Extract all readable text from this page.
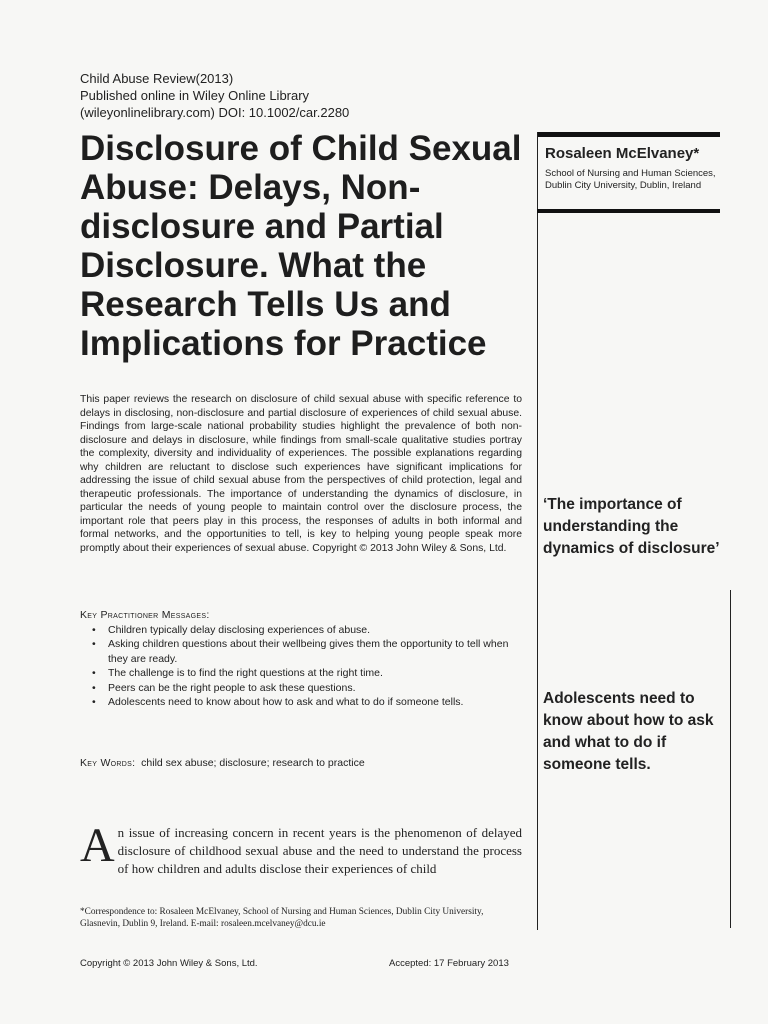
Child Abuse Review(2013)
Published online in Wiley Online Library
(wileyonlinelibrary.com) DOI: 10.1002/car.2280
Disclosure of Child Sexual Abuse: Delays, Non-disclosure and Partial Disclosure. What the Research Tells Us and Implications for Practice

Rosaleen McElvaney*

School of Nursing and Human Sciences, Dublin City University, Dublin, Ireland

This paper reviews the research on disclosure of child sexual abuse with specific reference to delays in disclosing, non-disclosure and partial disclosure of experiences of child sexual abuse. Findings from large-scale national probability studies highlight the prevalence of both non-disclosure and delays in disclosure, while findings from small-scale qualitative studies portray the complexity, diversity and individuality of experiences. The possible explanations regarding why children are reluctant to disclose such experiences have significant implications for addressing the issue of child sexual abuse from the perspectives of child protection, legal and therapeutic professionals. The importance of understanding the dynamics of disclosure, in particular the needs of young people to maintain control over the disclosure process, the important role that peers play in this process, the responses of adults in both informal and formal networks, and the opportunities to tell, is key to helping young people speak more promptly about their experiences of sexual abuse. Copyright © 2013 John Wiley & Sons, Ltd.

‘The importance of understanding the dynamics of disclosure’

Adolescents need to know about how to ask and what to do if someone tells.

Key Practitioner Messages:
• Children typically delay disclosing experiences of abuse.
• Asking children questions about their wellbeing gives them the opportunity to tell when they are ready.
• The challenge is to find the right questions at the right time.
• Peers can be the right people to ask these questions.
• Adolescents need to know about how to ask and what to do if someone tells.
Key Words: child sex abuse; disclosure; research to practice

An issue of increasing concern in recent years is the phenomenon of delayed disclosure of childhood sexual abuse and the need to understand the process of how children and adults disclose their experiences of child

*Correspondence to: Rosaleen McElvaney, School of Nursing and Human Sciences, Dublin City University, Glasnevin, Dublin 9, Ireland. E-mail: rosaleen.mcelvaney@dcu.ie

Copyright © 2013 John Wiley & Sons, Ltd.	Accepted: 17 February 2013
